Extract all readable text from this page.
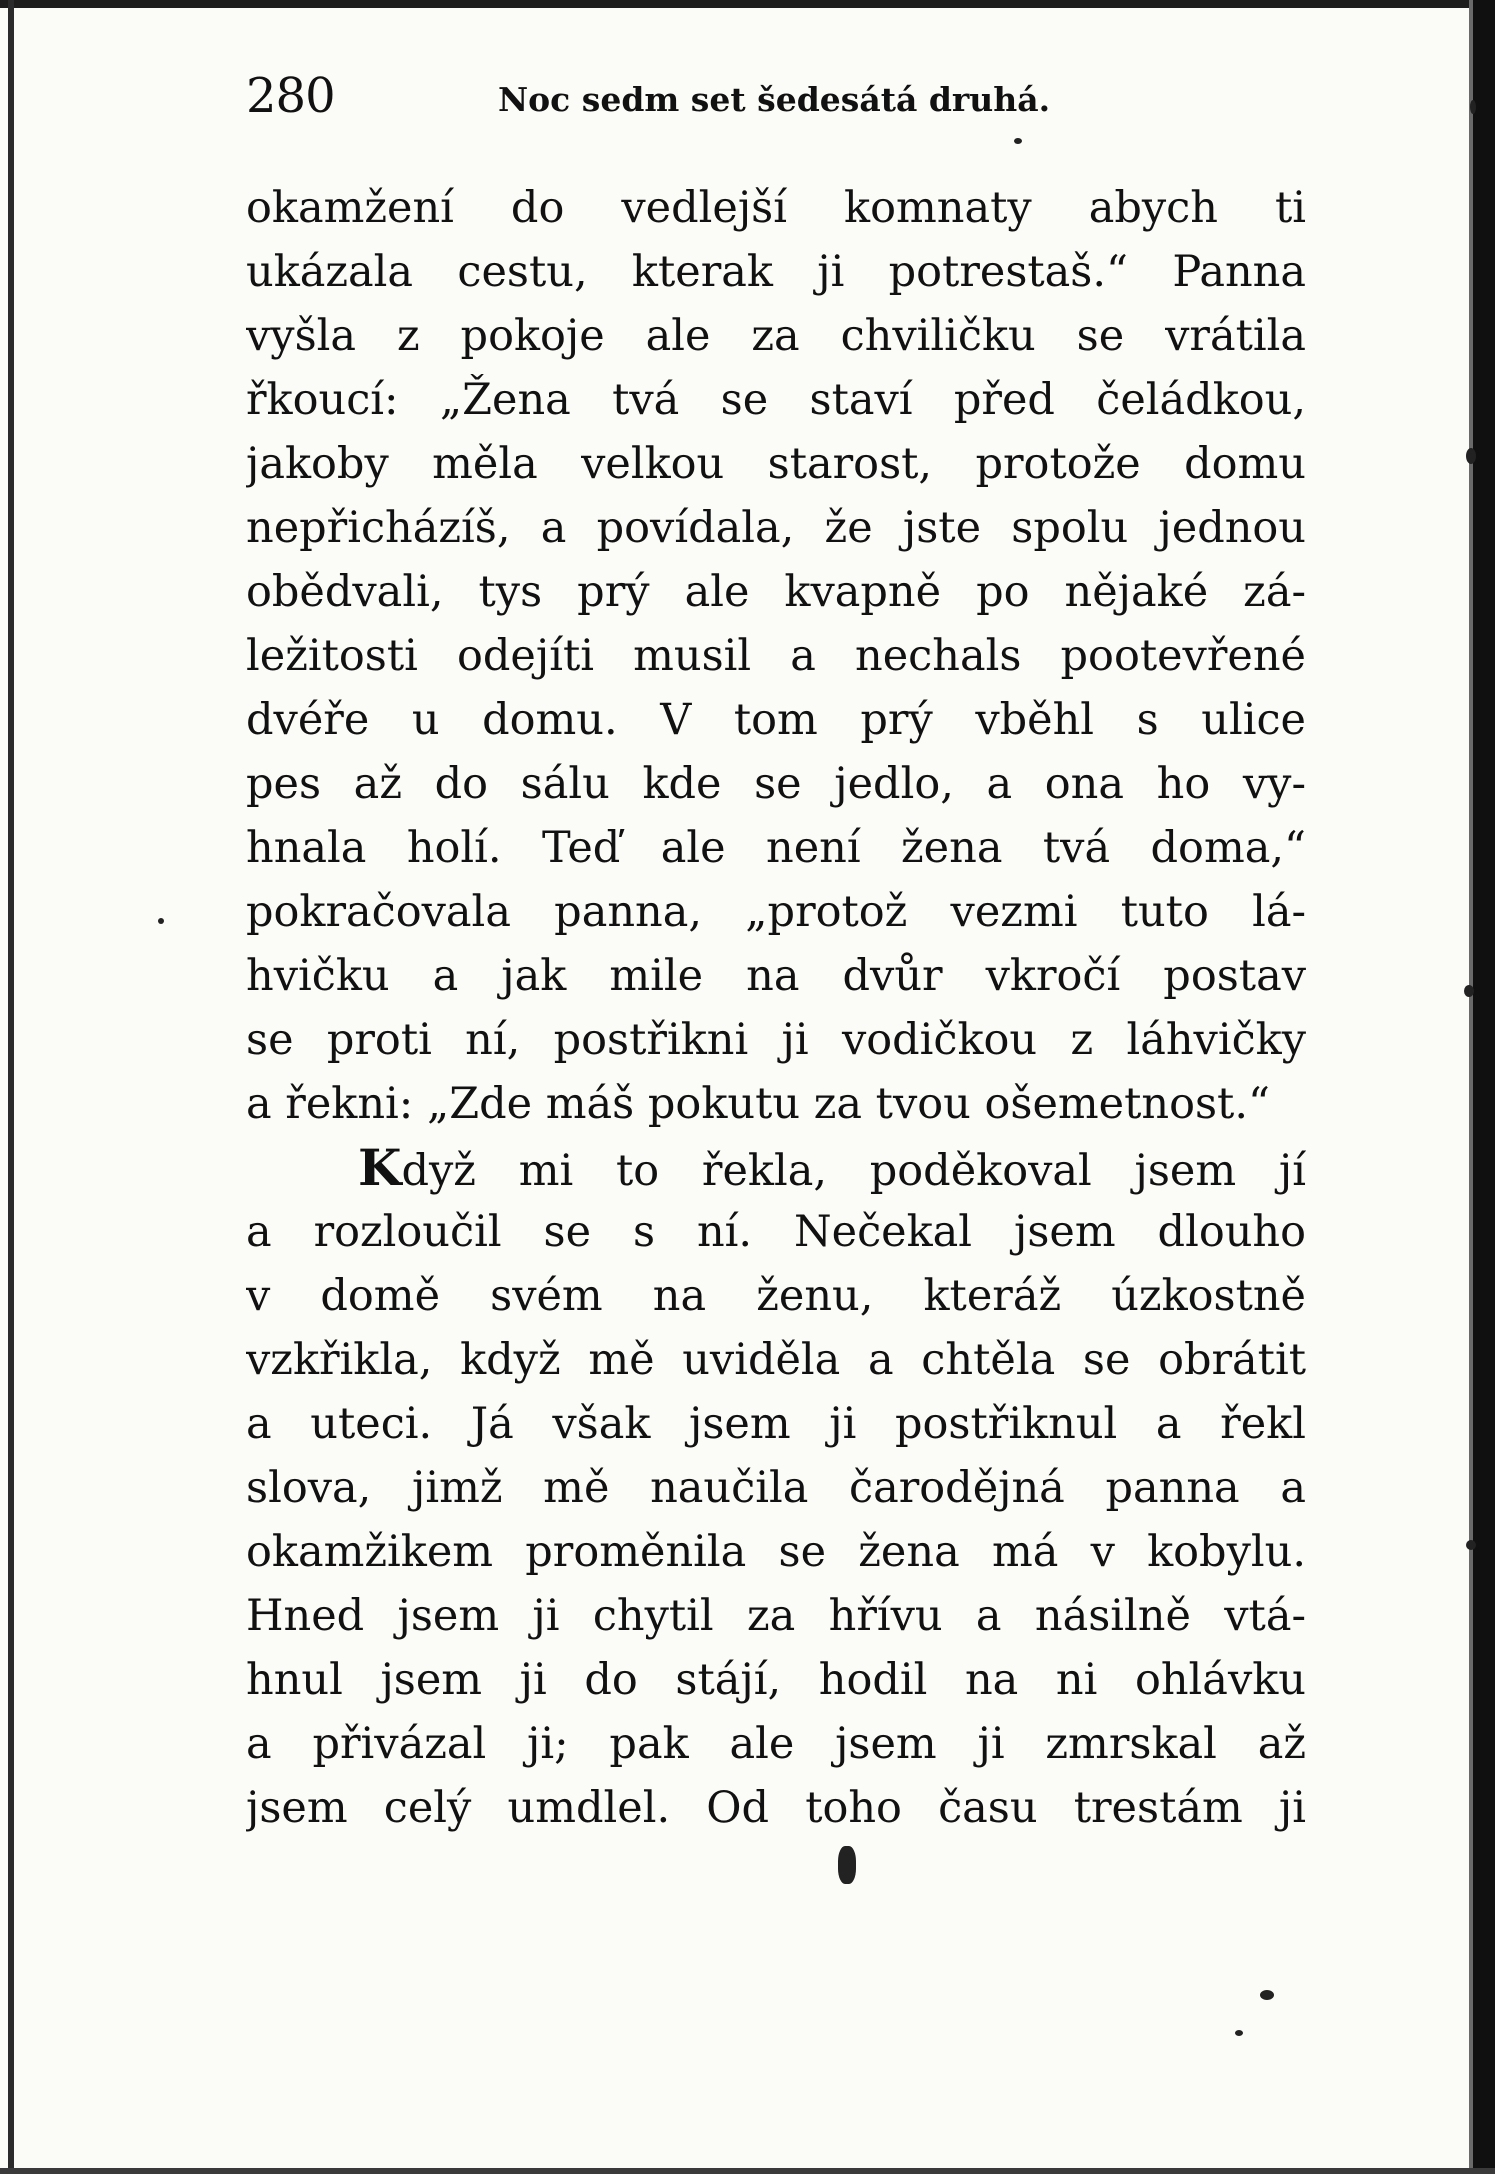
280	Noc sedm set šedesátá druhá.
okamžení do vedlejší komnaty abych ti
ukázala cestu, kterak ji potrestaš.“ Panna
vyšla z pokoje ale za chviličku se vrátila
řkoucí: „Žena tvá se staví před čeládkou,
jakoby měla velkou starost, protože domu
nepřicházíš, a povídala, že jste spolu jednou
obědvali, tys prý ale kvapně po nějaké zá-
ležitosti odejíti musil a nechals pootevřené
dvéře u domu. V tom prý vběhl s ulice
pes až do sálu kde se jedlo, a ona ho vy-
hnala holí. Teď ale není žena tvá doma,“
pokračovala panna, „protož vezmi tuto lá-
hvičku a jak mile na dvůr vkročí postav
se proti ní, postřikni ji vodičkou z láhvičky
a řekni: „Zde máš pokutu za tvou ošemetnost.“
Když mi to řekla, poděkoval jsem jí
a rozloučil se s ní. Nečekal jsem dlouho
v domě svém na ženu, kteráž úzkostně
vzkřikla, když mě uviděla a chtěla se obrátit
a uteci. Já však jsem ji postřiknul a řekl
slova, jimž mě naučila čarodějná panna a
okamžikem proměnila se žena má v kobylu.
Hned jsem ji chytil za hřívu a násilně vtá-
hnul jsem ji do stájí, hodil na ni ohlávku
a přivázal ji; pak ale jsem ji zmrskal až
jsem celý umdlel. Od toho času trestám ji
